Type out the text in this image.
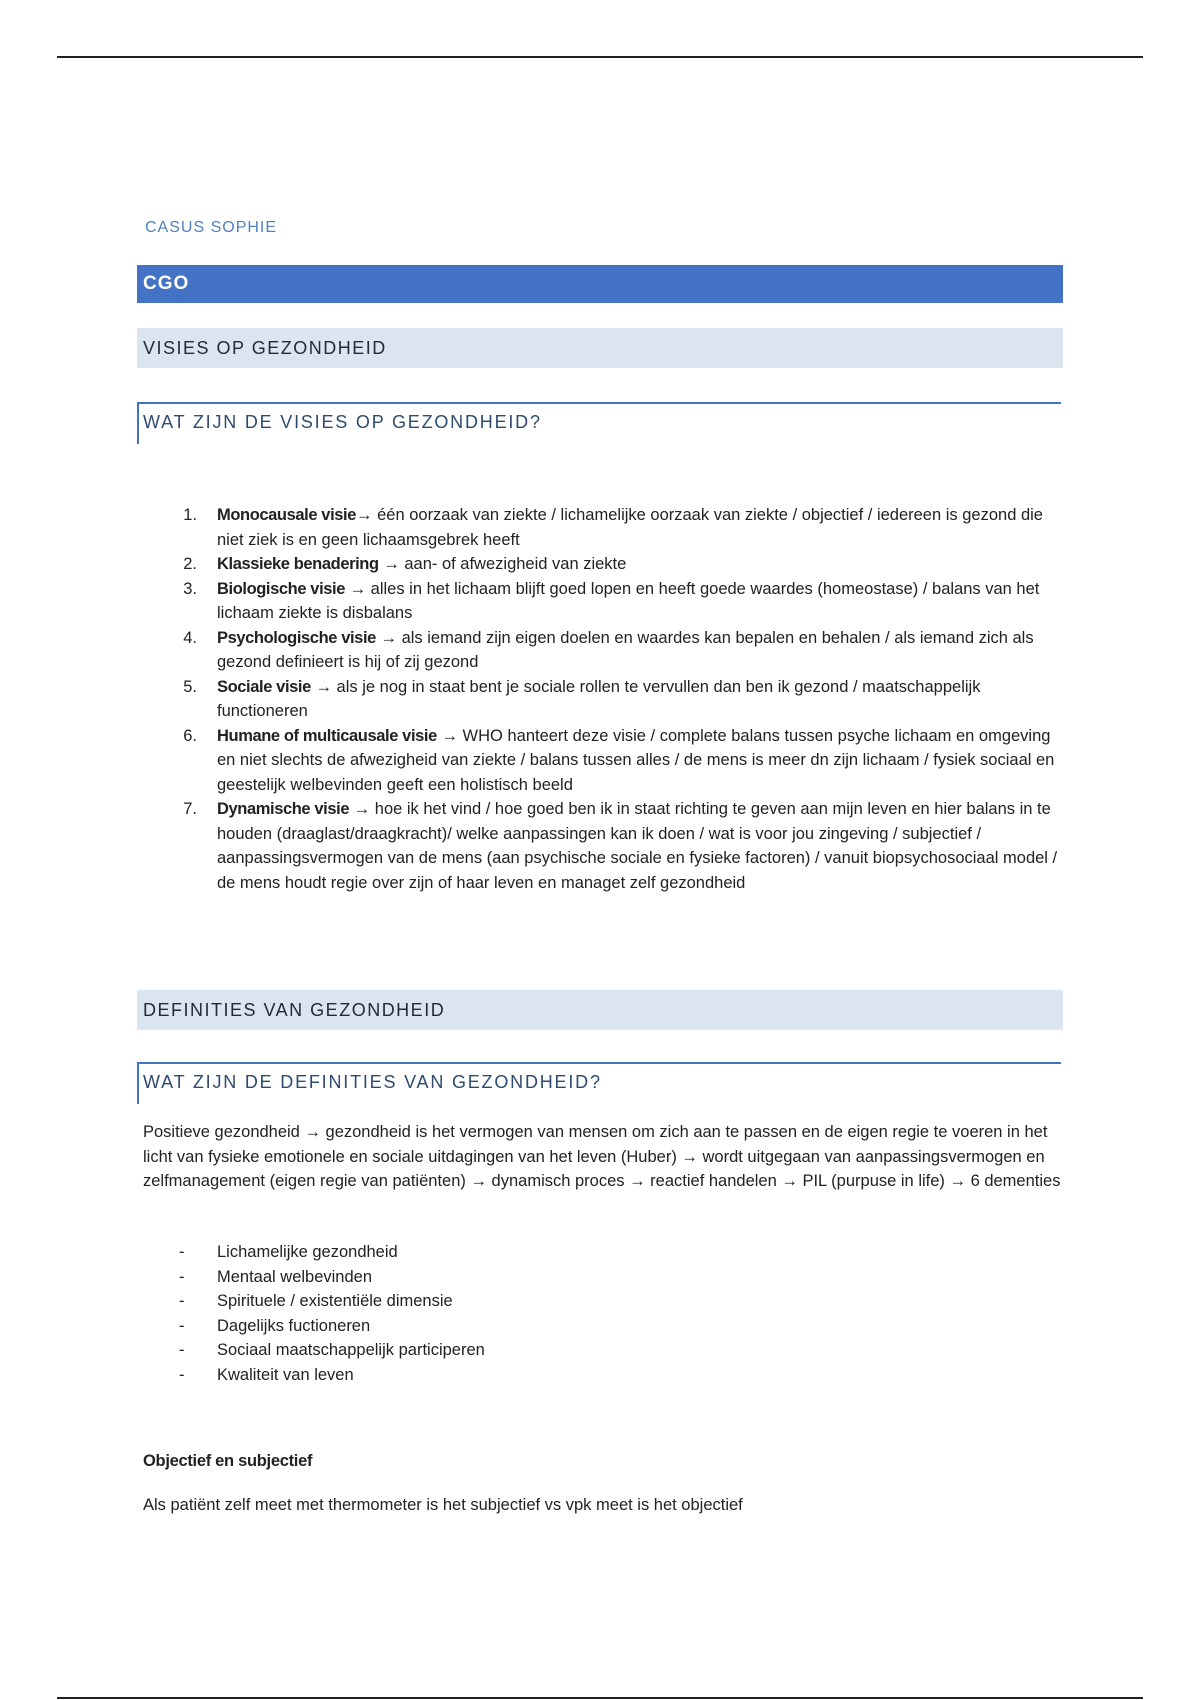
CASUS SOPHIE
CGO
VISIES OP GEZONDHEID
WAT ZIJN DE VISIES OP GEZONDHEID?
1. Monocausale visie→ één oorzaak van ziekte / lichamelijke oorzaak van ziekte / objectief / iedereen is gezond die niet ziek is en geen lichaamsgebrek heeft
2. Klassieke benadering → aan- of afwezigheid van ziekte
3. Biologische visie → alles in het lichaam blijft goed lopen en heeft goede waardes (homeostase) / balans van het lichaam ziekte is disbalans
4. Psychologische visie → als iemand zijn eigen doelen en waardes kan bepalen en behalen / als iemand zich als gezond definieert is hij of zij gezond
5. Sociale visie → als je nog in staat bent je sociale rollen te vervullen dan ben ik gezond / maatschappelijk functioneren
6. Humane of multicausale visie → WHO hanteert deze visie / complete balans tussen psyche lichaam en omgeving en niet slechts de afwezigheid van ziekte / balans tussen alles / de mens is meer dn zijn lichaam / fysiek sociaal en geestelijk welbevinden geeft een holistisch beeld
7. Dynamische visie → hoe ik het vind / hoe goed ben ik in staat richting te geven aan mijn leven en hier balans in te houden (draaglast/draagkracht)/ welke aanpassingen kan ik doen / wat is voor jou zingeving / subjectief / aanpassingsvermogen van de mens (aan psychische sociale en fysieke factoren) / vanuit biopsychosociaal model / de mens houdt regie over zijn of haar leven en managet zelf gezondheid
DEFINITIES VAN GEZONDHEID
WAT ZIJN DE DEFINITIES VAN GEZONDHEID?

Positieve gezondheid → gezondheid is het vermogen van mensen om zich aan te passen en de eigen regie te voeren in het licht van fysieke emotionele en sociale uitdagingen van het leven (Huber) → wordt uitgegaan van aanpassingsvermogen en zelfmanagement (eigen regie van patiënten) → dynamisch proces → reactief handelen → PIL (purpuse in life) → 6 dementies

- Lichamelijke gezondheid
- Mentaal welbevinden
- Spirituele / existentiële dimensie
- Dagelijks fuctioneren
- Sociaal maatschappelijk participeren
- Kwaliteit van leven

Objectief en subjectief

Als patiënt zelf meet met thermometer is het subjectief vs vpk meet is het objectief
